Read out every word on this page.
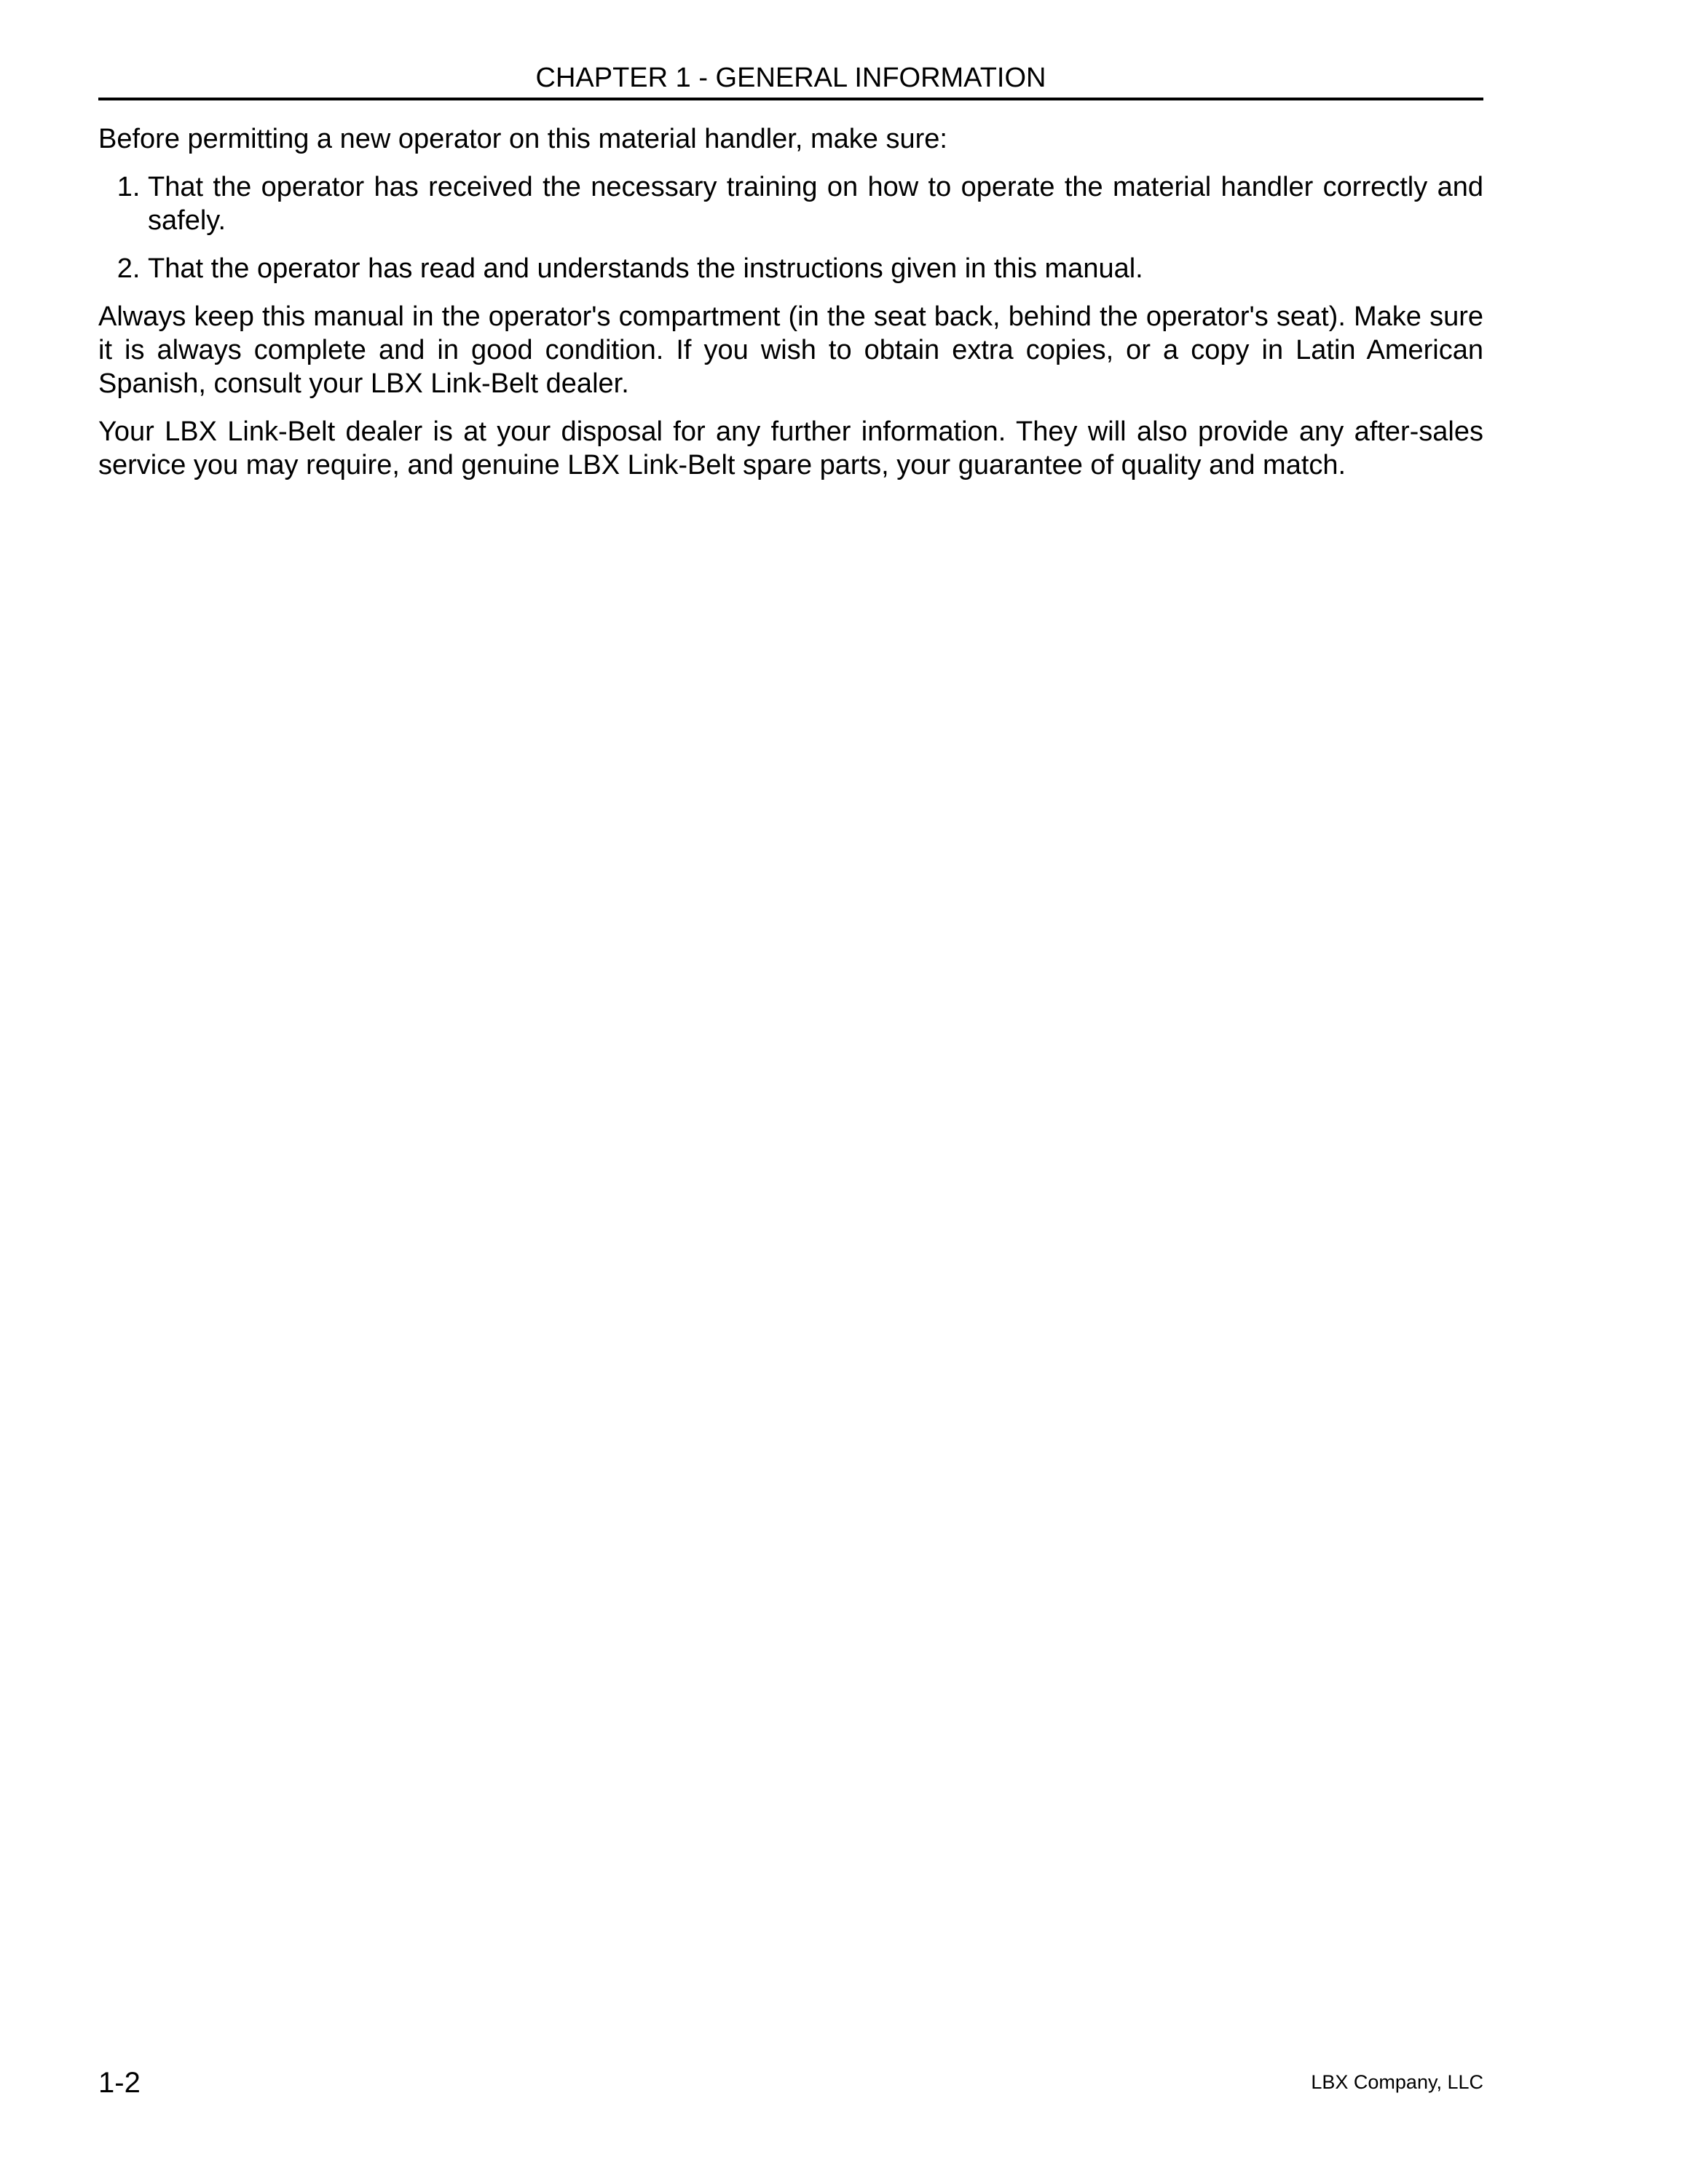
CHAPTER 1 - GENERAL INFORMATION

Before permitting a new operator on this material handler, make sure:

1. That the operator has received the necessary training on how to operate the material handler correctly and safely.
2. That the operator has read and understands the instructions given in this manual.

Always keep this manual in the operator's compartment (in the seat back, behind the operator's seat). Make sure it is always complete and in good condition. If you wish to obtain extra copies, or a copy in Latin American Spanish, consult your LBX Link-Belt dealer.

Your LBX Link-Belt dealer is at your disposal for any further information. They will also provide any after-sales service you may require, and genuine LBX Link-Belt spare parts, your guarantee of quality and match.

1-2	LBX Company, LLC
